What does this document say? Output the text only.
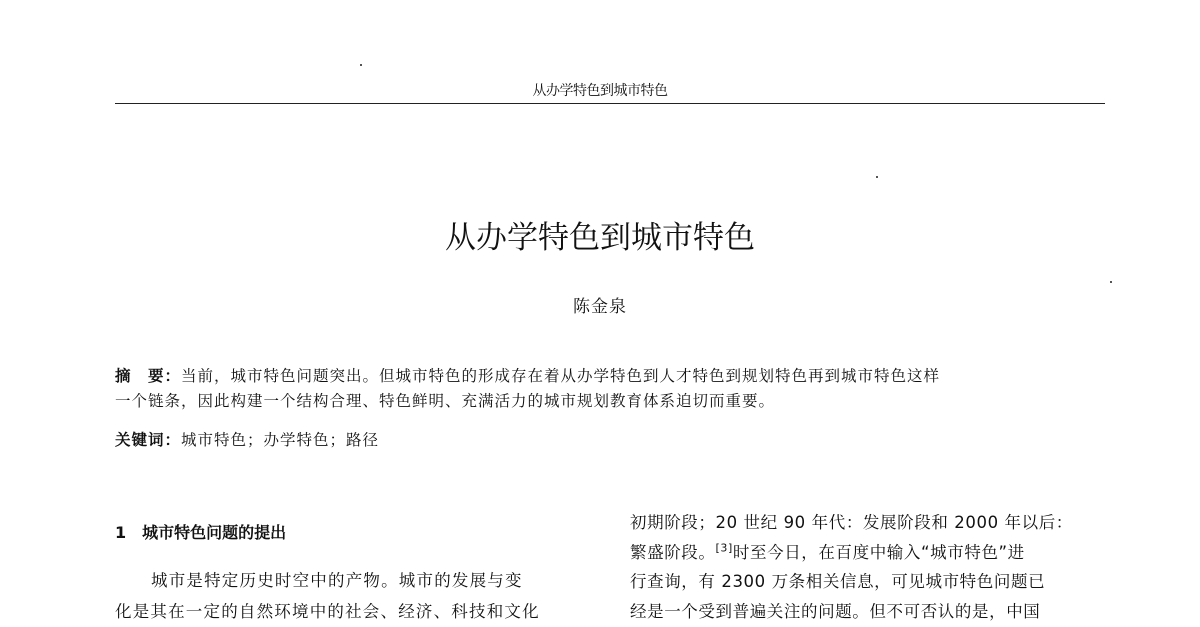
从办学特色到城市特色
从办学特色到城市特色
陈金泉
摘　要：当前，城市特色问题突出。但城市特色的形成存在着从办学特色到人才特色到规划特色再到城市特色这样
一个链条，因此构建一个结构合理、特色鲜明、充满活力的城市规划教育体系迫切而重要。
关键词：城市特色；办学特色；路径
1 城市特色问题的提出

城市是特定历史时空中的产物。城市的发展与变

化是其在一定的自然环境中的社会、经济、科技和文化

初期阶段；20 世纪 90 年代：发展阶段和 2000 年以后：

繁盛阶段。[3]时至今日，在百度中输入“城市特色”进

行查询，有 2300 万条相关信息，可见城市特色问题已

经是一个受到普遍关注的问题。但不可否认的是，中国
